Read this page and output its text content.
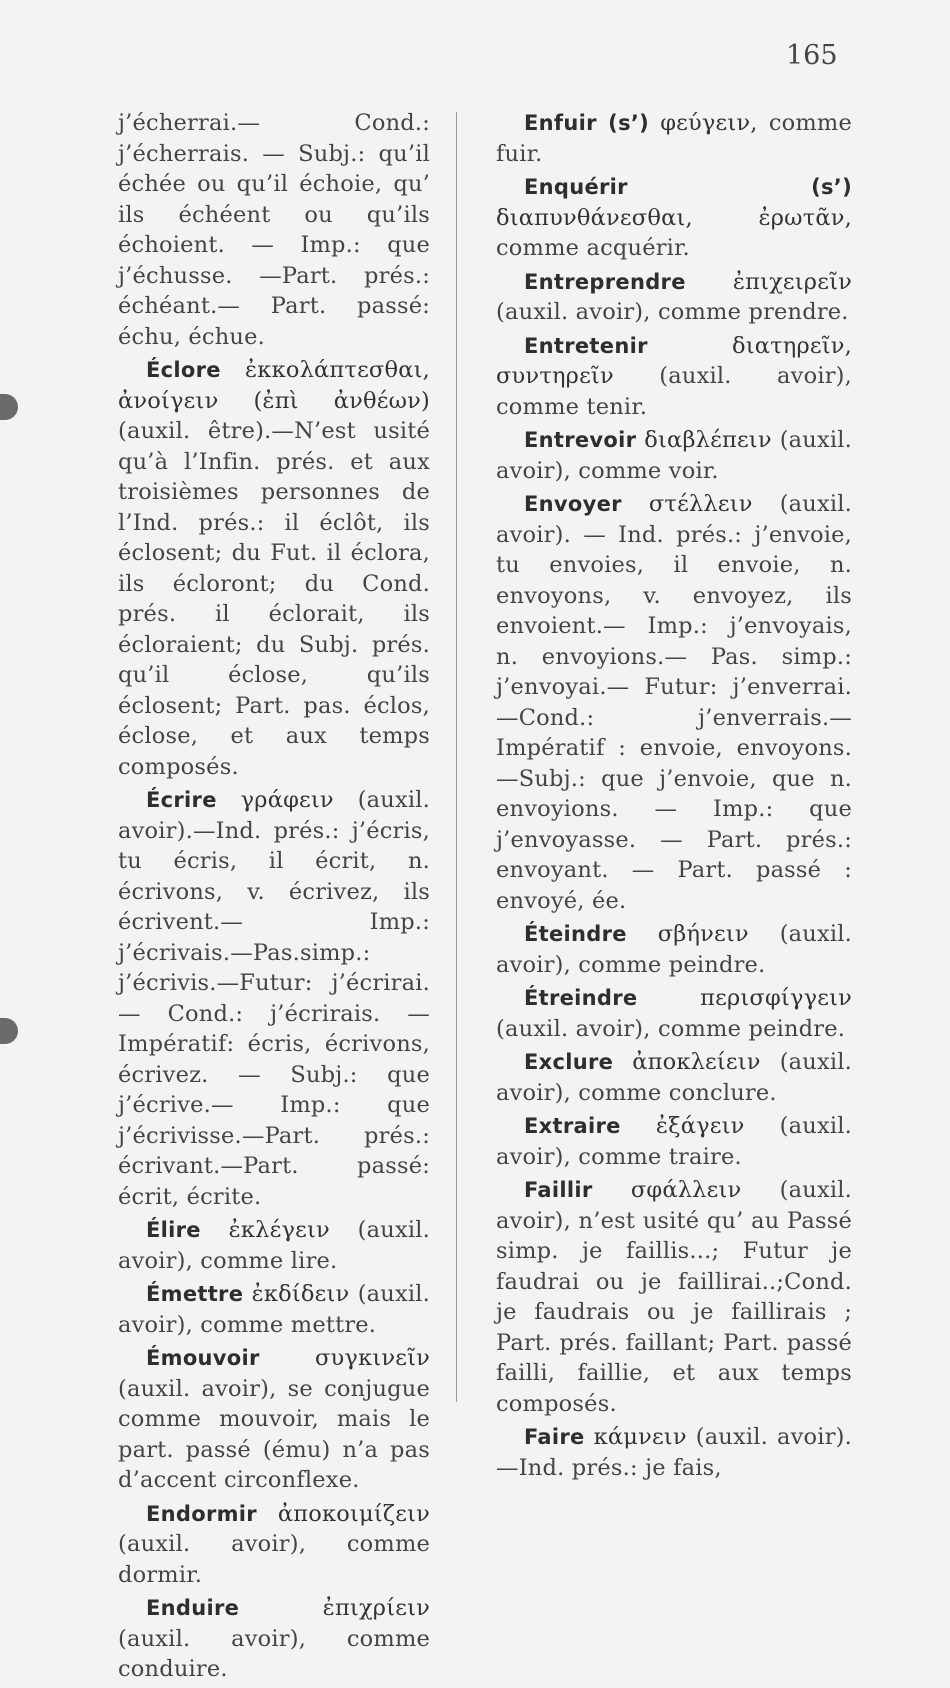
165

j’écherrai.— Cond.: j’écherrais. — Subj.: qu’il échée ou qu’il échoie, qu’ ils échéent ou qu’ils échoient. — Imp.: que j’échusse. —Part. prés.: échéant.— Part. passé: échu, échue.

Éclore ἐκκολάπτεσθαι, ἀνοίγειν (ἐπὶ ἀνθέων) (auxil. être).—N’est usité qu’à l’Infin. prés. et aux troisièmes personnes de l’Ind. prés.: il éclôt, ils éclosent; du Fut. il éclora, ils écloront; du Cond. prés. il éclorait, ils écloraient; du Subj. prés. qu’il éclose, qu’ils éclosent; Part. pas. éclos, éclose, et aux temps composés.

Écrire γράφειν (auxil. avoir).—Ind. prés.: j’écris, tu écris, il écrit, n. écrivons, v. écrivez, ils écrivent.— Imp.: j’écrivais.—Pas.simp.: j’écrivis.—Futur: j’écrirai.— Cond.: j’écrirais. — Impératif: écris, écrivons, écrivez. — Subj.: que j’écrive.— Imp.: que j’écrivisse.—Part. prés.: écrivant.—Part. passé: écrit, écrite.

Élire ἐκλέγειν (auxil. avoir), comme lire.

Émettre ἐκδίδειν (auxil. avoir), comme mettre.

Émouvoir συγκινεῖν (auxil. avoir), se conjugue comme mouvoir, mais le part. passé (ému) n’a pas d’accent circonflexe.

Endormir ἀποκοιμίζειν (auxil. avoir), comme dormir.

Enduire	ἐπιχρίειν (auxil. avoir), comme conduire.

Enfuir (s’) φεύγειν, comme fuir.

Enquérir (s’) διαπυνθάνεσθαι, ἐρωτᾶν, comme acquérir.

Entreprendre ἐπιχειρεῖν (auxil. avoir), comme prendre.

Entretenir	διατηρεῖν, συντηρεῖν (auxil. avoir), comme tenir.

Entrevoir διαβλέπειν (auxil. avoir), comme voir.

Envoyer στέλλειν (auxil. avoir). — Ind. prés.: j’envoie, tu envoies, il envoie, n. envoyons, v. envoyez, ils envoient.— Imp.: j’envoyais, n. envoyions.— Pas. simp.: j’envoyai.— Futur: j’enverrai.—Cond.: j’enverrais.— Impératif : envoie, envoyons.—Subj.: que j’envoie, que n. envoyions. — Imp.: que j’envoyasse. — Part. prés.: envoyant. — Part. passé : envoyé, ée.

Éteindre σβήνειν (auxil. avoir), comme peindre.

Étreindre	περισφίγγειν (auxil. avoir), comme peindre.

Exclure ἀποκλείειν (auxil. avoir), comme conclure.

Extraire ἐξάγειν (auxil. avoir), comme traire.

Faillir σφάλλειν (auxil. avoir), n’est usité qu’ au Passé simp. je faillis...; Futur je faudrai ou je faillirai..;Cond. je faudrais ou je faillirais ; Part. prés. faillant; Part. passé failli, faillie, et aux temps composés.

Faire κάμνειν (auxil. avoir).—Ind. prés.: je fais,
